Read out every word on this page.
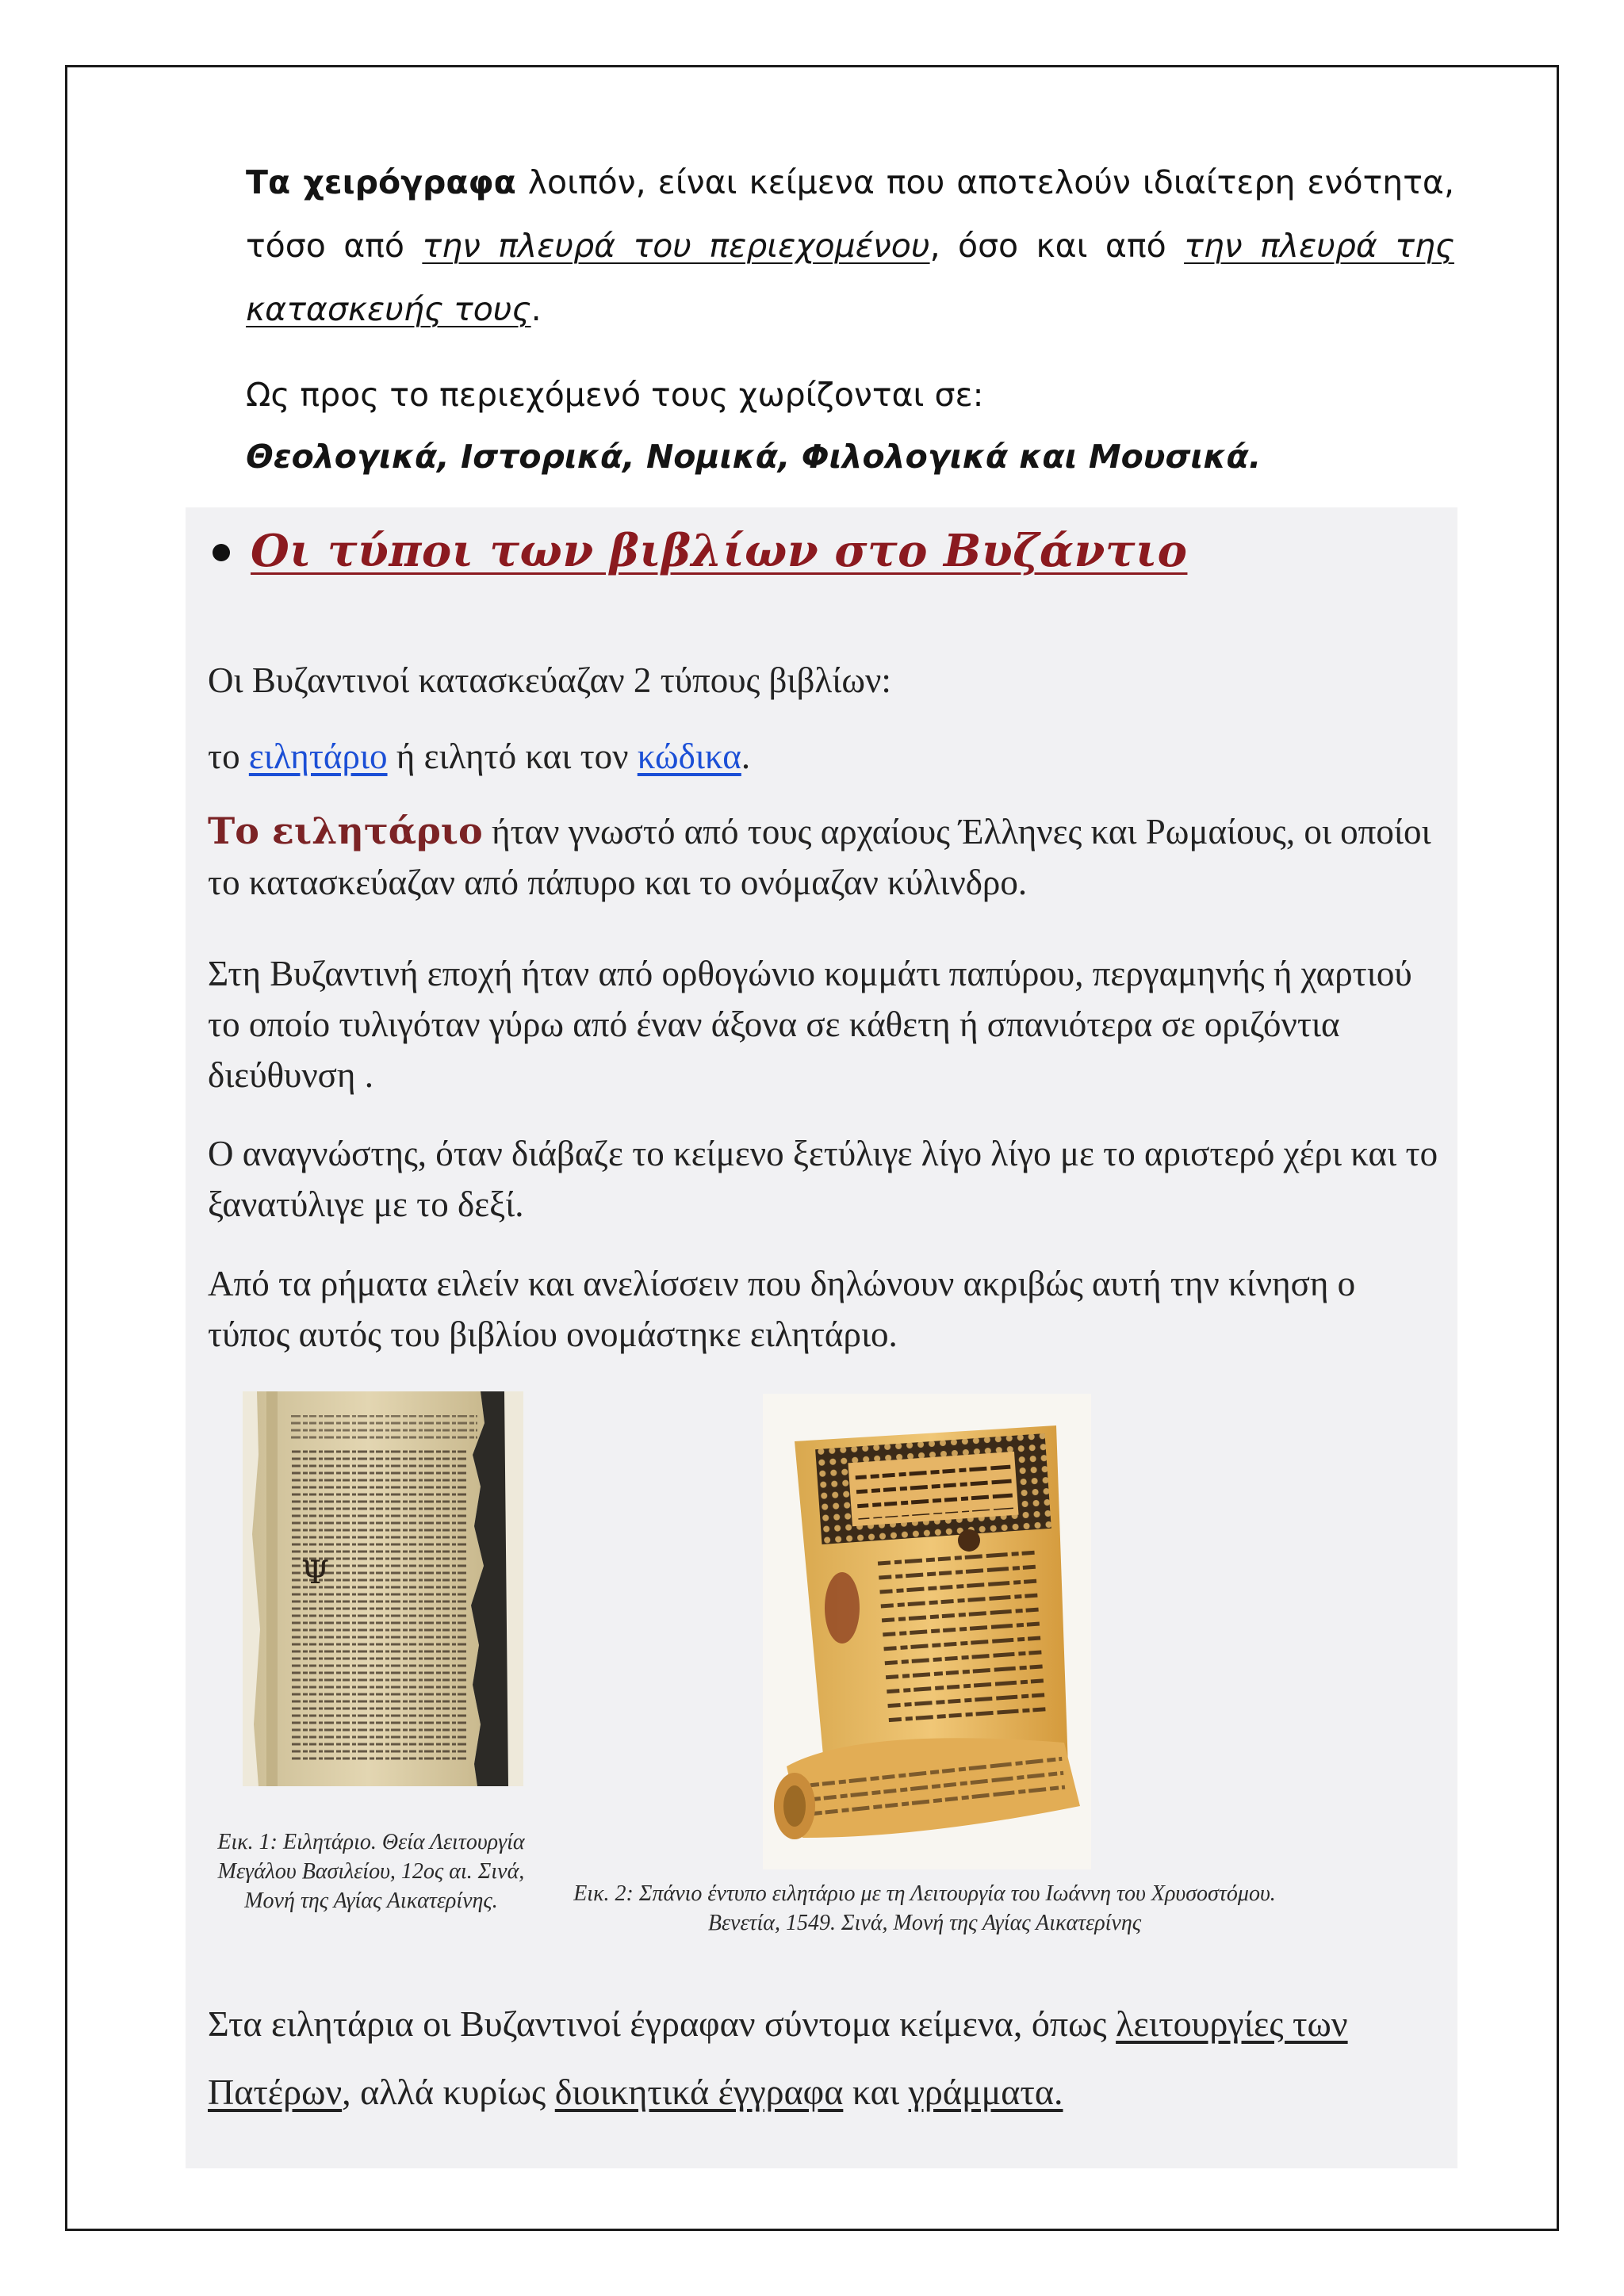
Τα χειρόγραφα λοιπόν, είναι κείμενα που αποτελούν ιδιαίτερη ενότητα, τόσο από την πλευρά του περιεχομένου, όσο και από την πλευρά της κατασκευής τους.
Ως προς το περιεχόμενό τους χωρίζονται σε:
Θεολογικά, Ιστορικά, Νομικά, Φιλολογικά και Μουσικά.
Οι τύποι των βιβλίων στο Βυζάντιο
Οι Βυζαντινοί κατασκεύαζαν 2 τύπους βιβλίων:
το ειλητάριο ή ειλητό και τον κώδικα.
Το ειλητάριο ήταν γνωστό από τους αρχαίους Έλληνες και Ρωμαίους, οι οποίοι το κατασκεύαζαν από πάπυρο και το ονόμαζαν κύλινδρο.
Στη Βυζαντινή εποχή ήταν από ορθογώνιο κομμάτι παπύρου, περγαμηνής ή χαρτιού το οποίο τυλιγόταν γύρω από έναν άξονα σε κάθετη ή σπανιότερα σε οριζόντια διεύθυνση .
Ο αναγνώστης, όταν διάβαζε το κείμενο ξετύλιγε λίγο λίγο με το αριστερό χέρι και το ξανατύλιγε με το δεξί.
Από τα ρήματα ειλείν και ανελίσσειν που δηλώνουν ακριβώς αυτή την κίνηση ο τύπος αυτός του βιβλίου ονομάστηκε ειλητάριο.
Ψ
Εικ. 1: Ειλητάριο. Θεία Λειτουργία Μεγάλου Βασιλείου, 12ος αι. Σινά, Μονή της Αγίας Αικατερίνης.	Εικ. 2: Σπάνιο έντυπο ειλητάριο με τη Λειτουργία του Ιωάννη του Χρυσοστόμου. Βενετία, 1549. Σινά, Μονή της Αγίας Αικατερίνης
Στα ειλητάρια οι Βυζαντινοί έγραφαν σύντομα κείμενα, όπως λειτουργίες των Πατέρων, αλλά κυρίως διοικητικά έγγραφα και γράμματα.
